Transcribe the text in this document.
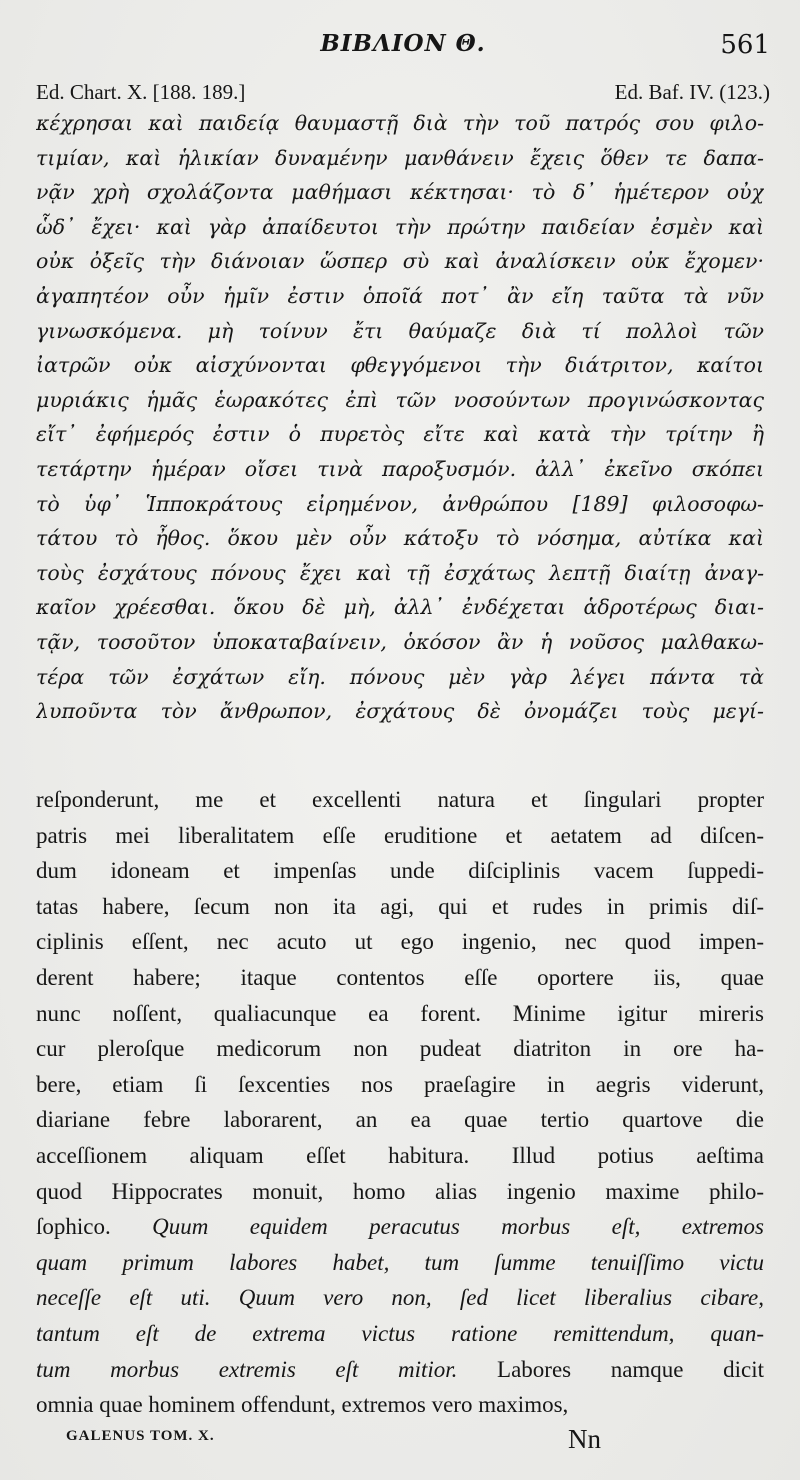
ΒΙΒΛΙΟΝ Θ.	561
Ed. Chart. X. [188. 189.]	Ed. Baf. IV. (123.)
κέχρησαι καὶ παιδείᾳ θαυμαστῇ διὰ τὴν τοῦ πατρός σου φιλο-
τιμίαν, καὶ ἡλικίαν δυναμένην μανθάνειν ἔχεις ὅθεν τε δαπα-
νᾷν χρὴ σχολάζοντα μαθήμασι κέκτησαι· τὸ δ᾽ ἡμέτερον οὐχ
ὧδ᾽ ἔχει· καὶ γὰρ ἀπαίδευτοι τὴν πρώτην παιδείαν ἐσμὲν καὶ
οὐκ ὀξεῖς τὴν διάνοιαν ὥσπερ σὺ καὶ ἀναλίσκειν οὐκ ἔχομεν·
ἀγαπητέον οὖν ἡμῖν ἐστιν ὁποῖά ποτ᾽ ἂν εἴη ταῦτα τὰ νῦν
γινωσκόμενα. μὴ τοίνυν ἔτι θαύμαζε διὰ τί πολλοὶ τῶν
ἰατρῶν οὐκ αἰσχύνονται φθεγγόμενοι τὴν διάτριτον, καίτοι
μυριάκις ἡμᾶς ἑωρακότες ἐπὶ τῶν νοσούντων προγινώσκοντας
εἴτ᾽ ἐφήμερός ἐστιν ὁ πυρετὸς εἴτε καὶ κατὰ τὴν τρίτην ἢ
τετάρτην ἡμέραν οἴσει τινὰ παροξυσμόν. ἀλλ᾽ ἐκεῖνο σκόπει
τὸ ὑφ᾽ Ἱπποκράτους εἰρημένον, ἀνθρώπου [189] φιλοσοφω-
τάτου τὸ ἦθος. ὅκου μὲν οὖν κάτοξυ τὸ νόσημα, αὐτίκα καὶ
τοὺς ἐσχάτους πόνους ἔχει καὶ τῇ ἐσχάτως λεπτῇ διαίτῃ ἀναγ-
καῖον χρέεσθαι. ὅκου δὲ μὴ, ἀλλ᾽ ἐνδέχεται ἁδροτέρως διαι-
τᾷν, τοσοῦτον ὑποκαταβαίνειν, ὁκόσον ἂν ἡ νοῦσος μαλθακω-
τέρα τῶν ἐσχάτων εἴη. πόνους μὲν γὰρ λέγει πάντα τὰ
λυποῦντα τὸν ἄνθρωπον, ἐσχάτους δὲ ὀνομάζει τοὺς μεγί-
reſponderunt, me et excellenti natura et ſingulari propter
patris mei liberalitatem eſſe eruditione et aetatem ad diſcen-
dum idoneam et impenſas unde diſciplinis vacem ſuppedi-
tatas habere, ſecum non ita agi, qui et rudes in primis diſ-
ciplinis eſſent, nec acuto ut ego ingenio, nec quod impen-
derent habere; itaque contentos eſſe oportere iis, quae
nunc noſſent, qualiacunque ea forent. Minime igitur mireris
cur pleroſque medicorum non pudeat diatriton in ore ha-
bere, etiam ſi ſexcenties nos praeſagire in aegris viderunt,
diariane febre laborarent, an ea quae tertio quartove die
acceſſionem aliquam eſſet habitura. Illud potius aeſtima
quod Hippocrates monuit, homo alias ingenio maxime philo-
ſophico. Quum equidem peracutus morbus eſt, extremos
quam primum labores habet, tum ſumme tenuiſſimo victu
neceſſe eſt uti. Quum vero non, ſed licet liberalius cibare,
tantum eſt de extrema victus ratione remittendum, quan-
tum morbus extremis eſt mitior. Labores namque dicit
omnia quae hominem offendunt, extremos vero maximos,
GALENUS TOM. X.	Nn
